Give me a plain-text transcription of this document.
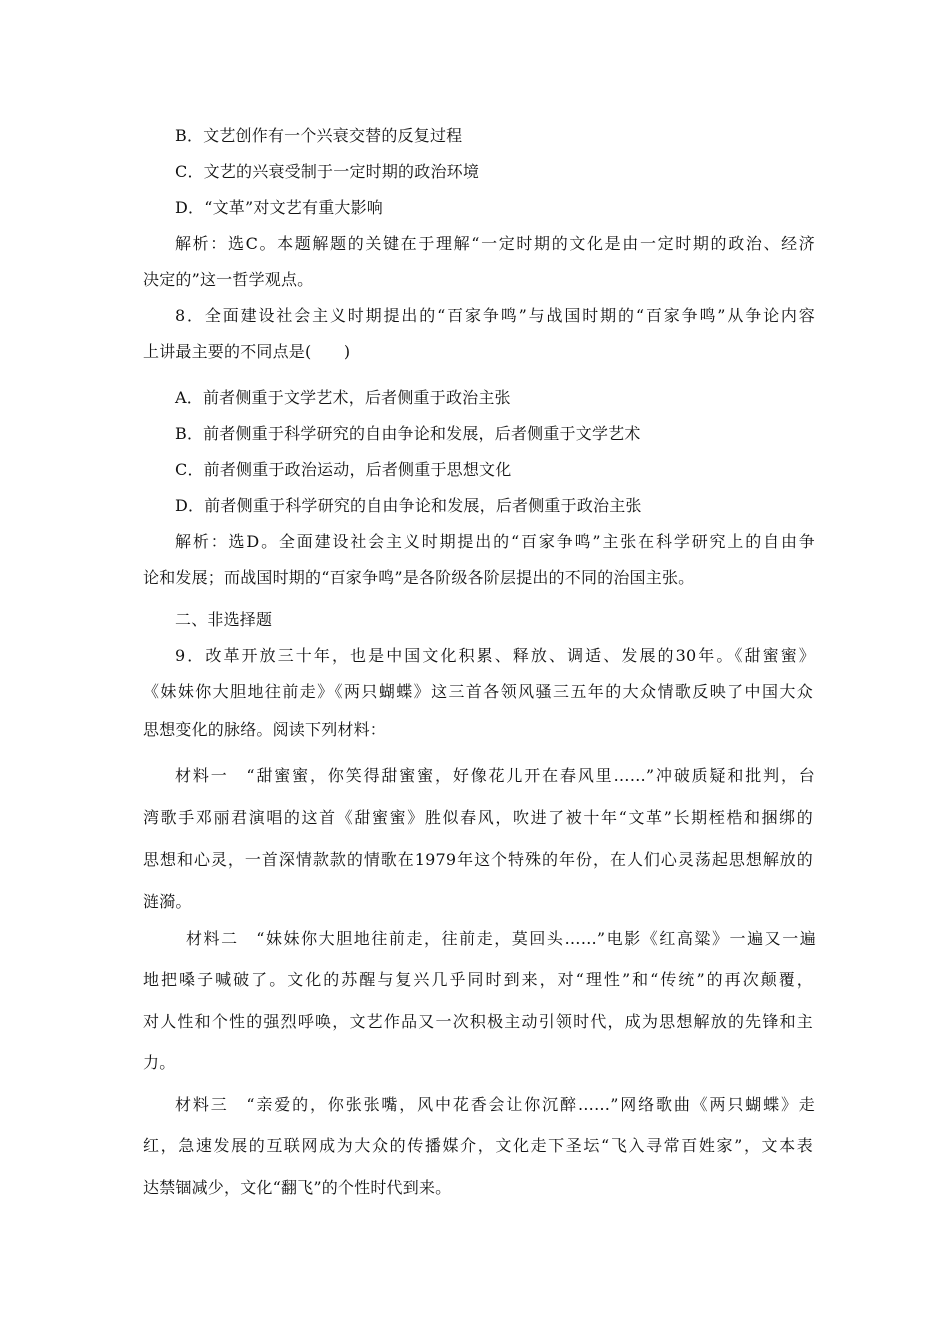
B．文艺创作有一个兴衰交替的反复过程
C．文艺的兴衰受制于一定时期的政治环境
D．“文革”对文艺有重大影响
解析：选C。本题解题的关键在于理解“一定时期的文化是由一定时期的政治、经济
决定的”这一哲学观点。
8．全面建设社会主义时期提出的“百家争鸣”与战国时期的“百家争鸣”从争论内容
上讲最主要的不同点是(　　)
A．前者侧重于文学艺术，后者侧重于政治主张
B．前者侧重于科学研究的自由争论和发展，后者侧重于文学艺术
C．前者侧重于政治运动，后者侧重于思想文化
D．前者侧重于科学研究的自由争论和发展，后者侧重于政治主张
解析：选D。全面建设社会主义时期提出的“百家争鸣”主张在科学研究上的自由争
论和发展；而战国时期的“百家争鸣”是各阶级各阶层提出的不同的治国主张。
二、非选择题
9．改革开放三十年，也是中国文化积累、释放、调适、发展的30年。《甜蜜蜜》
《妹妹你大胆地往前走》《两只蝴蝶》这三首各领风骚三五年的大众情歌反映了中国大众
思想变化的脉络。阅读下列材料：
材料一　“甜蜜蜜，你笑得甜蜜蜜，好像花儿开在春风里……”冲破质疑和批判，台
湾歌手邓丽君演唱的这首《甜蜜蜜》胜似春风，吹进了被十年“文革”长期桎梏和捆绑的
思想和心灵，一首深情款款的情歌在1979年这个特殊的年份，在人们心灵荡起思想解放的
涟漪。
材料二　“妹妹你大胆地往前走，往前走，莫回头……”电影《红高粱》一遍又一遍
地把嗓子喊破了。文化的苏醒与复兴几乎同时到来，对“理性”和“传统”的再次颠覆，
对人性和个性的强烈呼唤，文艺作品又一次积极主动引领时代，成为思想解放的先锋和主
力。
材料三　“亲爱的，你张张嘴，风中花香会让你沉醉……”网络歌曲《两只蝴蝶》走
红，急速发展的互联网成为大众的传播媒介，文化走下圣坛“飞入寻常百姓家”，文本表
达禁锢减少，文化“翻飞”的个性时代到来。
